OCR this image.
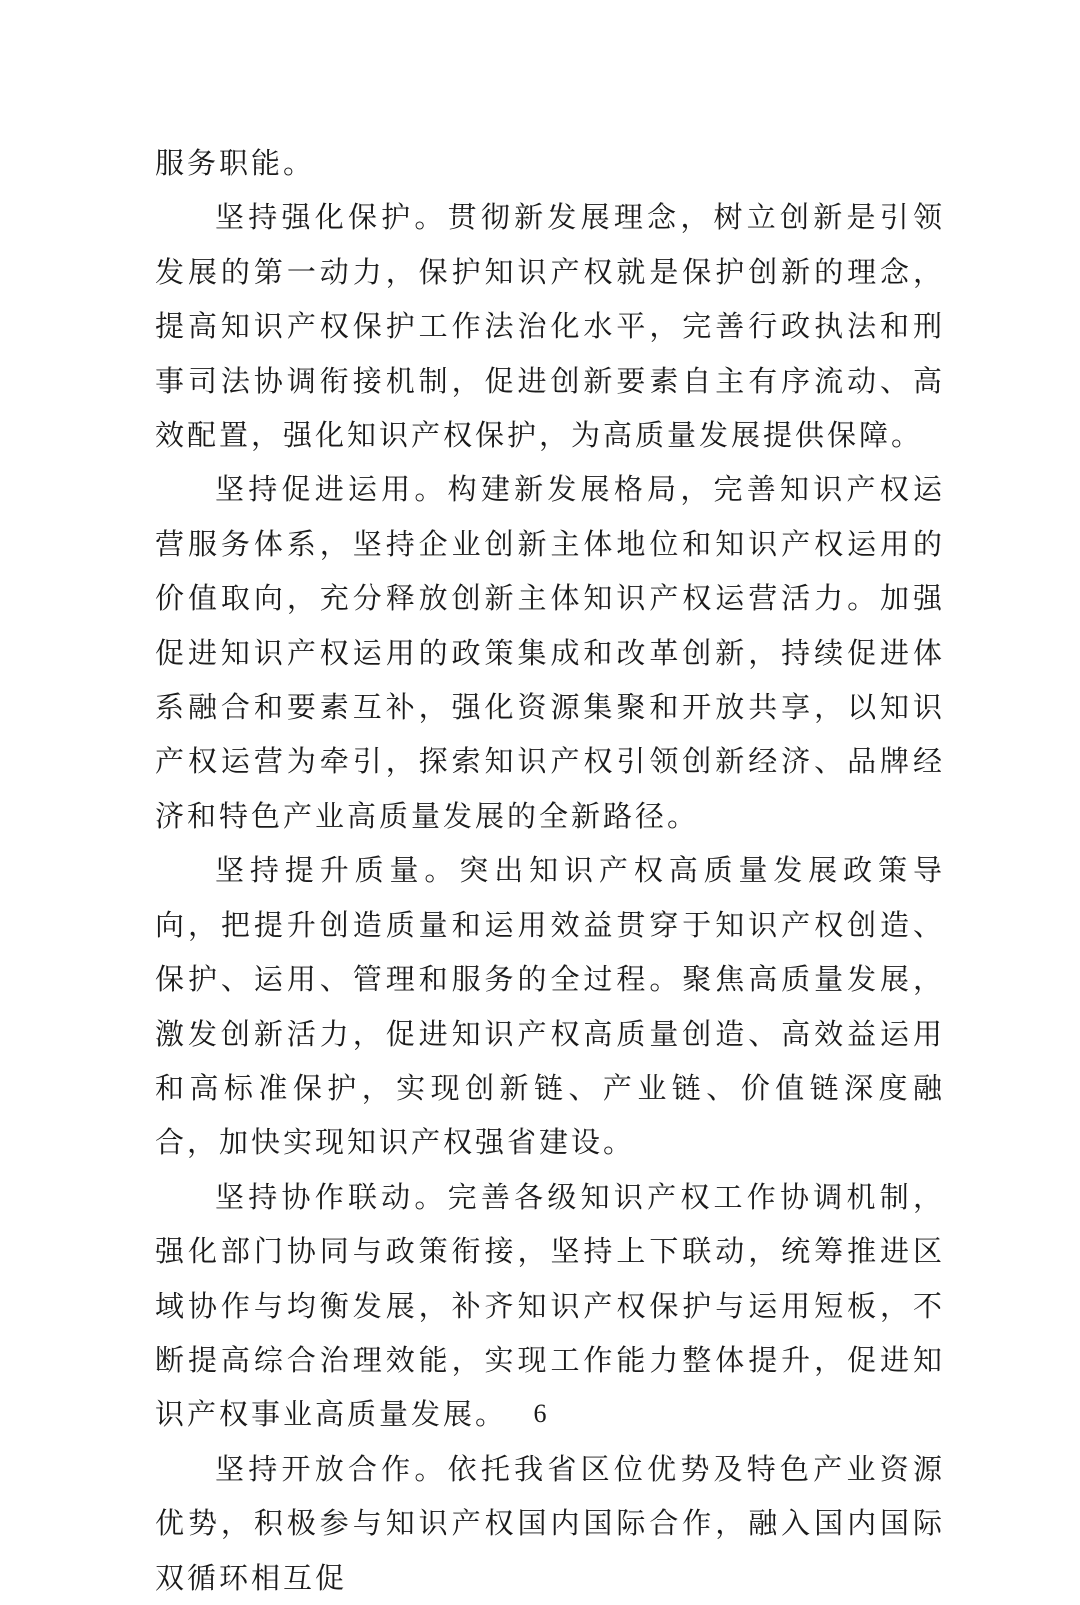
服务职能。

坚持强化保护。贯彻新发展理念，树立创新是引领发展的第一动力，保护知识产权就是保护创新的理念，提高知识产权保护工作法治化水平，完善行政执法和刑事司法协调衔接机制，促进创新要素自主有序流动、高效配置，强化知识产权保护，为高质量发展提供保障。

坚持促进运用。构建新发展格局，完善知识产权运营服务体系，坚持企业创新主体地位和知识产权运用的价值取向，充分释放创新主体知识产权运营活力。加强促进知识产权运用的政策集成和改革创新，持续促进体系融合和要素互补，强化资源集聚和开放共享，以知识产权运营为牵引，探索知识产权引领创新经济、品牌经济和特色产业高质量发展的全新路径。

坚持提升质量。突出知识产权高质量发展政策导向，把提升创造质量和运用效益贯穿于知识产权创造、保护、运用、管理和服务的全过程。聚焦高质量发展，激发创新活力，促进知识产权高质量创造、高效益运用和高标准保护，实现创新链、产业链、价值链深度融合，加快实现知识产权强省建设。

坚持协作联动。完善各级知识产权工作协调机制，强化部门协同与政策衔接，坚持上下联动，统筹推进区域协作与均衡发展，补齐知识产权保护与运用短板，不断提高综合治理效能，实现工作能力整体提升，促进知识产权事业高质量发展。

坚持开放合作。依托我省区位优势及特色产业资源优势，积极参与知识产权国内国际合作，融入国内国际双循环相互促

6
